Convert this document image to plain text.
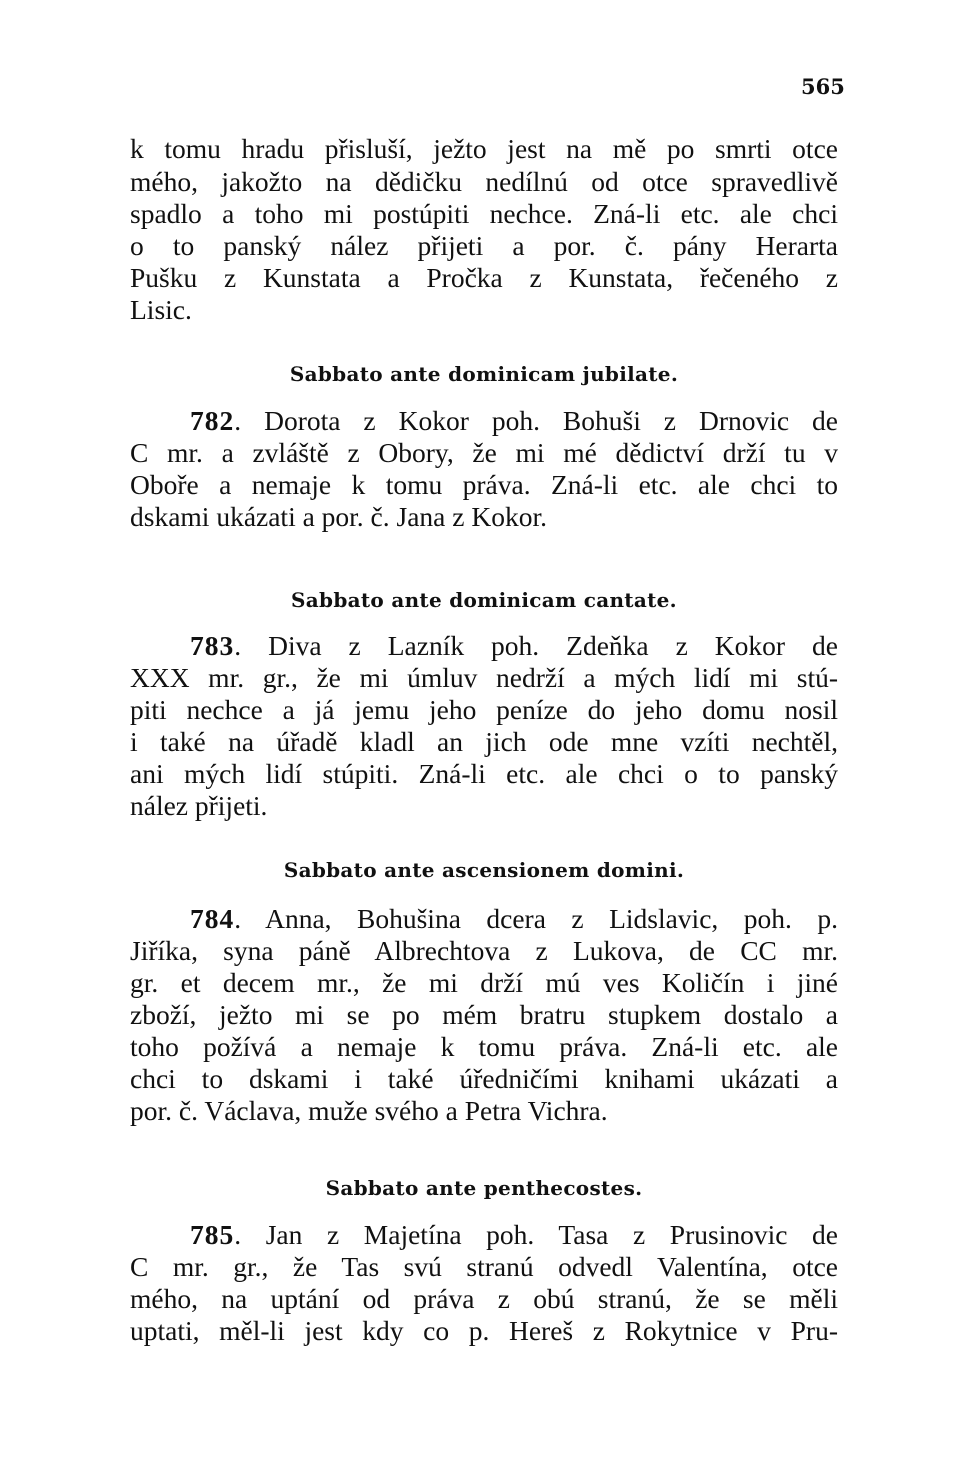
565
k tomu hradu přisluší, ježto jest na mě po smrti otce
mého, jakožto na dědičku nedílnú od otce spravedlivě
spadlo a toho mi postúpiti nechce. Zná-li etc. ale chci
o to panský nález přijeti a por. č. pány Herarta
Pušku z Kunstata a Pročka z Kunstata, řečeného z
Lisic.
Sabbato ante dominicam jubilate.
782. Dorota z Kokor poh. Bohuši z Drnovic de
C mr. a zvláště z Obory, že mi mé dědictví drží tu v
Oboře a nemaje k tomu práva. Zná-li etc. ale chci to
dskami ukázati a por. č. Jana z Kokor.
Sabbato ante dominicam cantate.
783. Diva z Lazník poh. Zdeňka z Kokor de
XXX mr. gr., že mi úmluv nedrží a mých lidí mi stú-
piti nechce a já jemu jeho peníze do jeho domu nosil
i také na úřadě kladl an jich ode mne vzíti nechtěl,
ani mých lidí stúpiti. Zná-li etc. ale chci o to panský
nález přijeti.
Sabbato ante ascensionem domini.
784. Anna, Bohušina dcera z Lidslavic, poh. p.
Jiříka, syna páně Albrechtova z Lukova, de CC mr.
gr. et decem mr., že mi drží mú ves Količín i jiné
zboží, ježto mi se po mém bratru stupkem dostalo a
toho požívá a nemaje k tomu práva. Zná-li etc. ale
chci to dskami i také úředničími knihami ukázati a
por. č. Václava, muže svého a Petra Vichra.
Sabbato ante penthecostes.
785. Jan z Majetína poh. Tasa z Prusinovic de
C mr. gr., že Tas svú stranú odvedl Valentína, otce
mého, na uptání od práva z obú stranú, že se měli
uptati, měl-li jest kdy co p. Hereš z Rokytnice v Pru-
